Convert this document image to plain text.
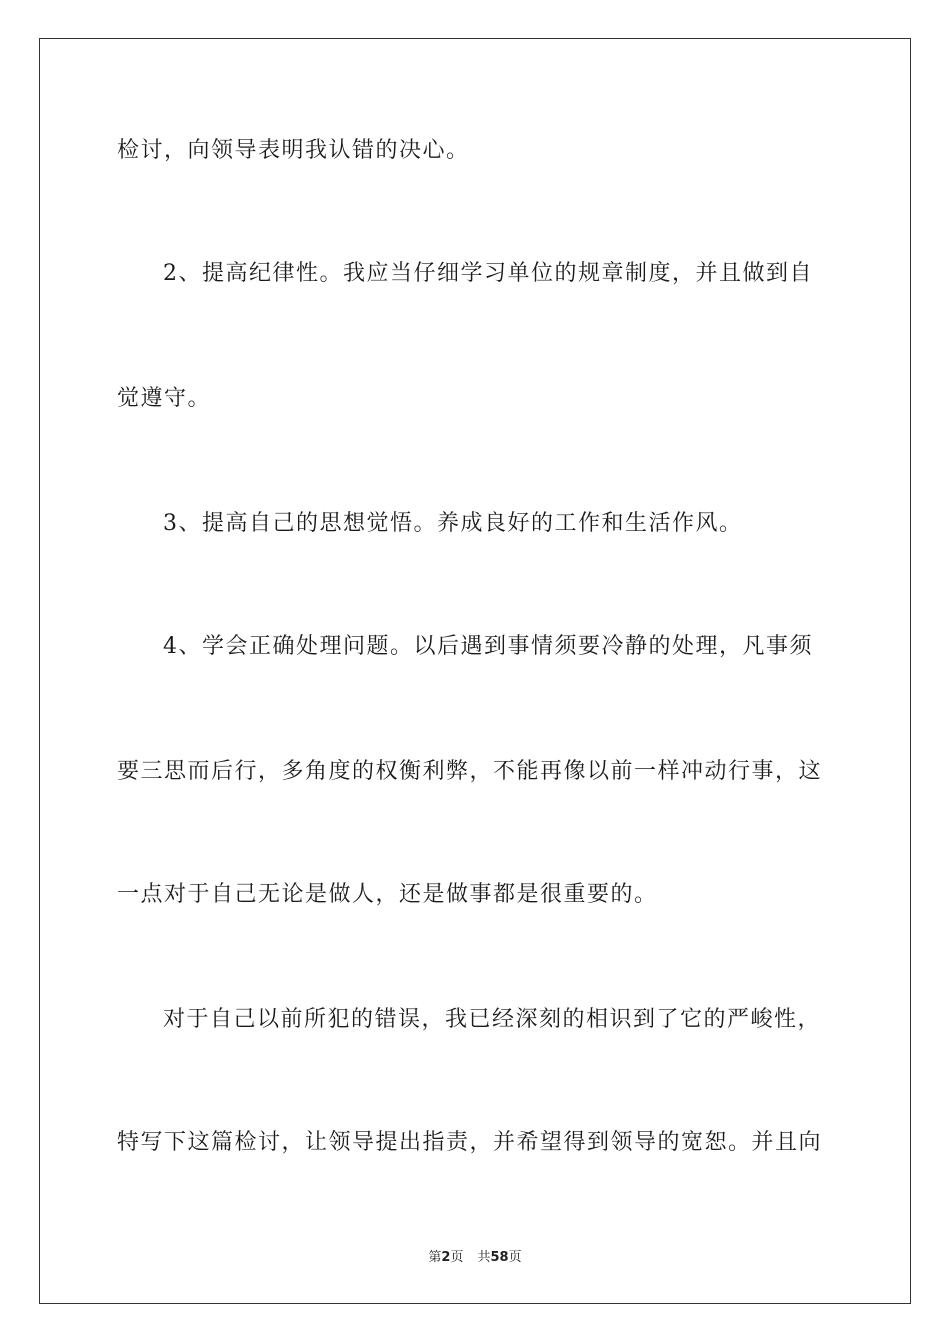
检讨，向领导表明我认错的决心。
2、提高纪律性。我应当仔细学习单位的规章制度，并且做到自
觉遵守。
3、提高自己的思想觉悟。养成良好的工作和生活作风。
4、学会正确处理问题。以后遇到事情须要冷静的处理，凡事须
要三思而后行，多角度的权衡利弊，不能再像以前一样冲动行事，这
一点对于自己无论是做人，还是做事都是很重要的。
对于自己以前所犯的错误，我已经深刻的相识到了它的严峻性，
特写下这篇检讨，让领导提出指责，并希望得到领导的宽恕。并且向
第2页 共58页
